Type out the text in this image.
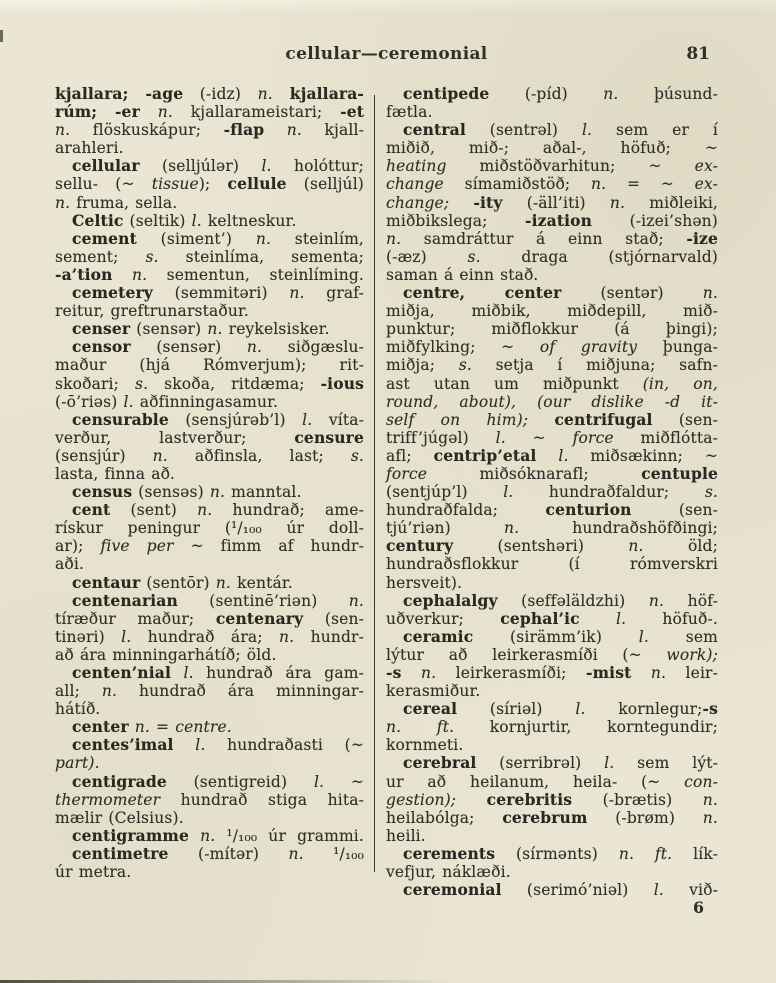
cellular—ceremonial	81
kjallara; -age (-idz) n. kjallara-
rúm; -er n. kjallarameistari; -et
n. flöskuskápur; -flap n. kjall-
arahleri.
cellular (selljúlər) l. holóttur;
sellu- (~ tissue); cellule (selljúl)
n. fruma, sella.
Celtic (seltik) l. keltneskur.
cement (siment’) n. steinlím,
sement; s. steinlíma, sementa;
-a’tion n. sementun, steinlíming.
cemetery (semmitəri) n. graf-
reitur, greftrunarstaður.
censer (sensər) n. reykelsisker.
censor (sensər) n. siðgæslu-
maður (hjá Rómverjum); rit-
skoðari; s. skoða, ritdæma; -ious
(-ō’riəs) l. aðfinningasamur.
censurable (sensjúrəb’l) l. víta-
verður, lastverður; censure
(sensjúr) n. aðfinsla, last; s.
lasta, finna að.
census (sensəs) n. manntal.
cent (sent) n. hundrað; ame-
rískur peningur (¹/₁₀₀ úr doll-
ar); five per ~ fimm af hundr-
aði.
centaur (sentōr) n. kentár.
centenarian (sentinē’riən) n.
tíræður maður; centenary (sen-
tinəri) l. hundrað ára; n. hundr-
að ára minningarhátíð; öld.
centen’nial l. hundrað ára gam-
all; n. hundrað ára minningar-
hátíð.
center n. = centre.
centes’imal l. hundraðasti (~
part).
centigrade (sentigreid) l. ~
thermometer hundrað stiga hita-
mælir (Celsius).
centigramme n. ¹/₁₀₀ úr grammi.
centimetre (-mítər) n. ¹/₁₀₀
úr metra.
centipede (-píd) n. þúsund-
fætla.
central (sentrəl) l. sem er í
miðið, mið-; aðal-, höfuð; ~
heating miðstöðvarhitun; ~ ex-
change símamiðstöð; n. = ~ ex-
change; -ity (-äll’iti) n. miðleiki,
miðbikslega; -ization (-izei’shən)
n. samdráttur á einn stað; -ize
(-æz) s. draga (stjórnarvald)
saman á einn stað.
centre, center (sentər) n.
miðja, miðbik, miðdepill, mið-
punktur; miðflokkur (á þingi);
miðfylking; ~ of gravity þunga-
miðja; s. setja í miðjuna; safn-
ast utan um miðpunkt (in, on,
round, about), (our dislike -d it-
self on him); centrifugal (sen-
triff’júgəl) l. ~ force miðflótta-
afl; centrip’etal l. miðsækinn; ~
force miðsóknarafl; centuple
(sentjúp’l) l. hundraðfaldur; s.
hundraðfalda; centurion (sen-
tjú’riən) n. hundraðshöfðingi;
century (sentshəri) n. öld;
hundraðsflokkur (í rómverskri
hersveit).
cephalalgy (seffəläldzhi) n. höf-
uðverkur; cephal’ic l. höfuð-.
ceramic (sirämm’ik) l. sem
lýtur að leirkerasmíði (~ work);
-s n. leirkerasmíði; -mist n. leir-
kerasmiður.
cereal (síriəl) l. kornlegur;-s
n. ft. kornjurtir, korntegundir;
kornmeti.
cerebral (serribrəl) l. sem lýt-
ur að heilanum, heila- (~ con-
gestion); cerebritis (-brætis) n.
heilabólga; cerebrum (-brøm) n.
heili.
cerements (sírmənts) n. ft. lík-
vefjur, náklæði.
ceremonial (serimó’niəl) l. við-
6
